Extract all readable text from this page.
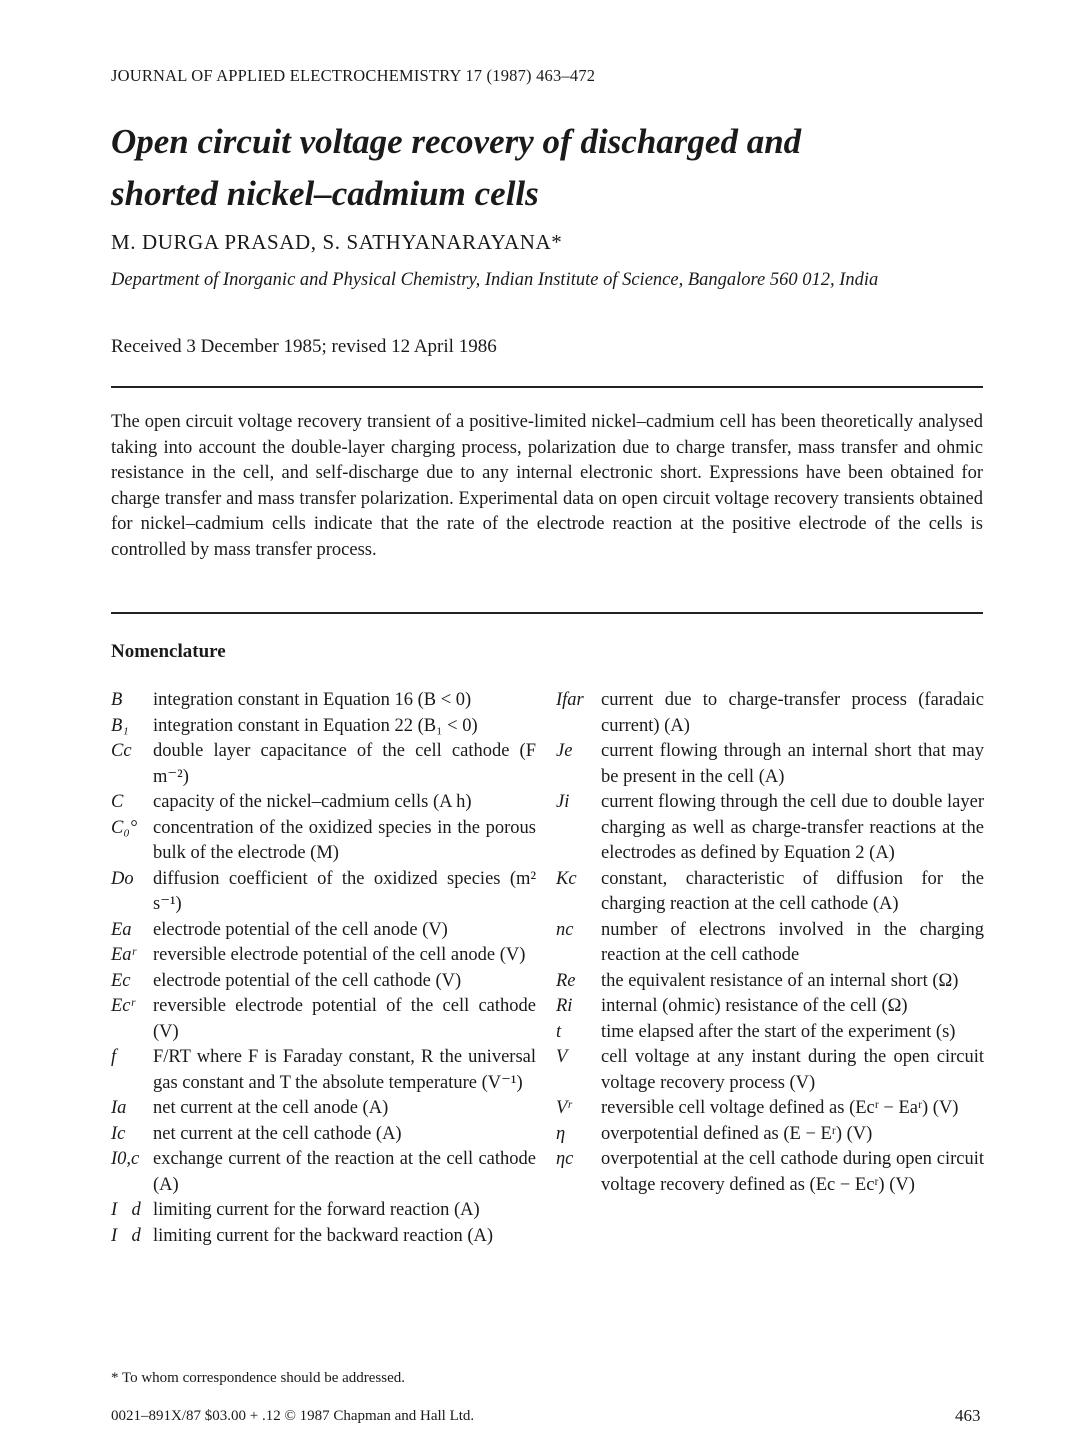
JOURNAL OF APPLIED ELECTROCHEMISTRY 17 (1987) 463–472
Open circuit voltage recovery of discharged and
shorted nickel–cadmium cells
M. DURGA PRASAD, S. SATHYANARAYANA*
Department of Inorganic and Physical Chemistry, Indian Institute of Science, Bangalore 560 012, India
Received 3 December 1985; revised 12 April 1986

The open circuit voltage recovery transient of a positive-limited nickel–cadmium cell has been theoretically analysed taking into account the double-layer charging process, polarization due to charge transfer, mass transfer and ohmic resistance in the cell, and self-discharge due to any internal electronic short. Expressions have been obtained for charge transfer and mass transfer polarization. Experimental data on open circuit voltage recovery transients obtained for nickel–cadmium cells indicate that the rate of the electrode reaction at the positive electrode of the cells is controlled by mass transfer process.

Nomenclature
B	integration constant in Equation 16 (B < 0)
B₁	integration constant in Equation 22 (B₁ < 0)
Cc	double layer capacitance of the cell cathode (F m⁻²)
C	capacity of the nickel–cadmium cells (A h)
C₀° concentration of the oxidized species in the porous bulk of the electrode (M)
Do	diffusion coefficient of the oxidized species (m² s⁻¹)
Ea	electrode potential of the cell anode (V)
Eaʳ reversible electrode potential of the cell anode (V)
Ec	electrode potential of the cell cathode (V)
Ecʳ reversible electrode potential of the cell cathode (V)
f	F/RT where F is Faraday constant, R the universal gas constant and T the absolute temperature (V⁻¹)
Ia	net current at the cell anode (A)
Ic	net current at the cell cathode (A)
I0,c exchange current of the reaction at the cell cathode (A)
I⃗d limiting current for the forward reaction (A)
I⃖d limiting current for the backward reaction (A)
Ifar current due to charge-transfer process (faradaic current) (A)
Je	current flowing through an internal short that may be present in the cell (A)
Ji	current flowing through the cell due to double layer charging as well as charge-transfer reactions at the electrodes as defined by Equation 2 (A)
Kc	constant, characteristic of diffusion for the charging reaction at the cell cathode (A)
nc	number of electrons involved in the charging reaction at the cell cathode
Re	the equivalent resistance of an internal short (Ω)
Ri	internal (ohmic) resistance of the cell (Ω)
t	time elapsed after the start of the experiment (s)
V	cell voltage at any instant during the open circuit voltage recovery process (V)
Vʳ	reversible cell voltage defined as (Ecʳ − Eaʳ) (V)
η	overpotential defined as (E − Eʳ) (V)
ηc	overpotential at the cell cathode during open circuit voltage recovery defined as (Ec − Ecʳ) (V)
* To whom correspondence should be addressed.
0021–891X/87 $03.00 + .12 © 1987 Chapman and Hall Ltd.	463
